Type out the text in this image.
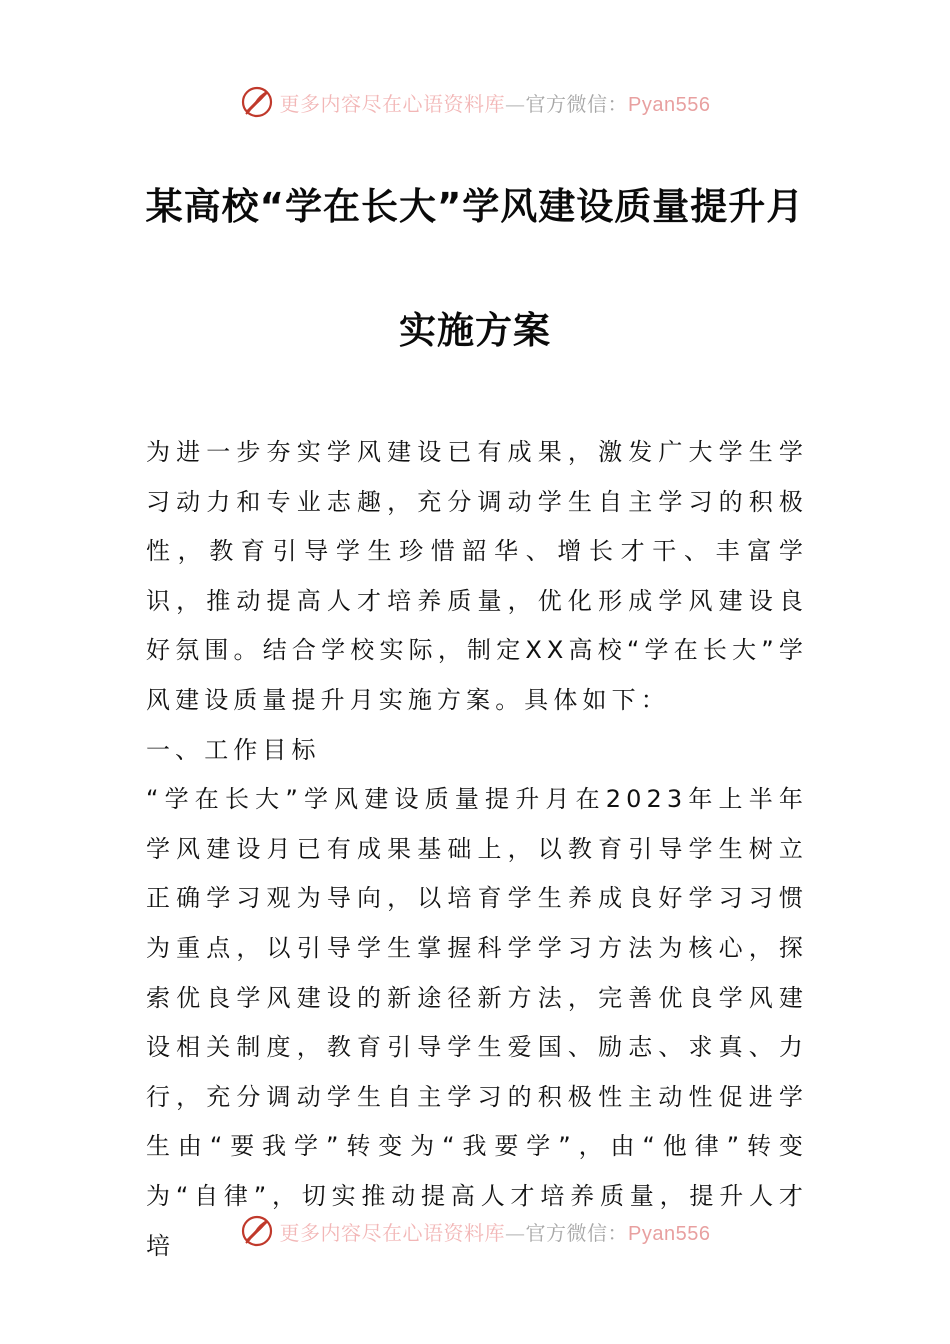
更多内容尽在心语资料库 — 官方微信： Pyan556
某高校“学在长大”学风建设质量提升月
实施方案

为进一步夯实学风建设已有成果，激发广大学生学习动力和专业志趣，充分调动学生自主学习的积极性，教育引导学生珍惜韶华、增长才干、丰富学识，推动提高人才培养质量，优化形成学风建设良好氛围。结合学校实际，制定XX高校“学在长大”学风建设质量提升月实施方案。具体如下：

一、工作目标

“学在长大”学风建设质量提升月在2023年上半年学风建设月已有成果基础上，以教育引导学生树立正确学习观为导向，以培育学生养成良好学习习惯为重点，以引导学生掌握科学学习方法为核心，探索优良学风建设的新途径新方法，完善优良学风建设相关制度，教育引导学生爱国、励志、求真、力行，充分调动学生自主学习的积极性主动性促进学生由“要我学”转变为“我要学”，由“他律”转变为“自律”，切实推动提高人才培养质量，提升人才培	更多内容尽在心语资料库 — 官方微信： Pyan556
